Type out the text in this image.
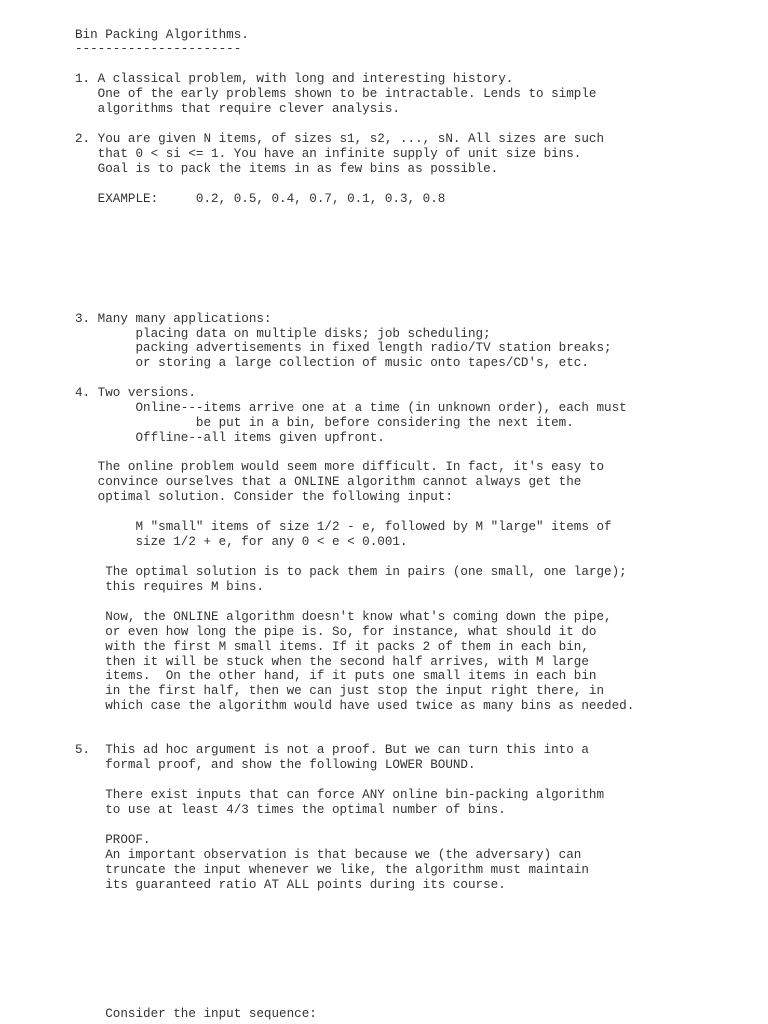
Bin Packing Algorithms.
----------------------
1. A classical problem, with long and interesting history.
One of the early problems shown to be intractable. Lends to simple
algorithms that require clever analysis.
2. You are given N items, of sizes s1, s2, ..., sN. All sizes are such
that 0 < si <= 1. You have an infinite supply of unit size bins.
Goal is to pack the items in as few bins as possible.
EXAMPLE:     0.2, 0.5, 0.4, 0.7, 0.1, 0.3, 0.8
3. Many many applications:
placing data on multiple disks; job scheduling;
packing advertisements in fixed length radio/TV station breaks;
or storing a large collection of music onto tapes/CD's, etc.
4. Two versions.
Online---items arrive one at a time (in unknown order), each must
be put in a bin, before considering the next item.
Offline--all items given upfront.
The online problem would seem more difficult. In fact, it's easy to
convince ourselves that a ONLINE algorithm cannot always get the
optimal solution. Consider the following input:
M "small" items of size 1/2 - e, followed by M "large" items of
size 1/2 + e, for any 0 < e < 0.001.
The optimal solution is to pack them in pairs (one small, one large);
this requires M bins.
Now, the ONLINE algorithm doesn't know what's coming down the pipe,
or even how long the pipe is. So, for instance, what should it do
with the first M small items. If it packs 2 of them in each bin,
then it will be stuck when the second half arrives, with M large
items.  On the other hand, if it puts one small items in each bin
in the first half, then we can just stop the input right there, in
which case the algorithm would have used twice as many bins as needed.
5.  This ad hoc argument is not a proof. But we can turn this into a
formal proof, and show the following LOWER BOUND.
There exist inputs that can force ANY online bin-packing algorithm
to use at least 4/3 times the optimal number of bins.
PROOF.
An important observation is that because we (the adversary) can
truncate the input whenever we like, the algorithm must maintain
its guaranteed ratio AT ALL points during its course.
Consider the input sequence:
